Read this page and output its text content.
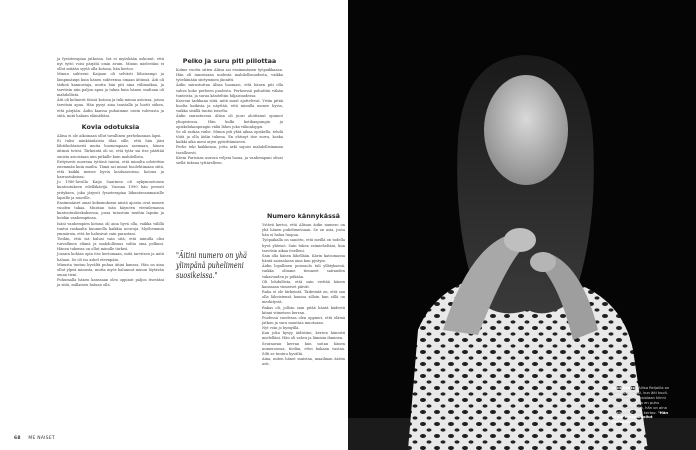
ja fysioterapiaa jatkossa. Isä ei myöskään uskonut, että nyt tyttö voisi pärjätä omin avuin. Minun mielestäni ei ollut mitään syytä olla kotona, hän kertoo.

Minun suhteeni Kaijaan oli selvästi läheisempi ja lämpimämpi kuin hänen suhteensa omaan äitiinsä. Äiti oli tärkeä kannustaja, mutta hän piti aina välimatkaa, ja tarvitsin niin paljon apua ja tukea kuin hänen osaltaan oli mahdollista.

Äiti oli kolmesti töissä kotona ja tuki minua asioissa, joissa tarvitsin apua. Hän pysyi aina taustalla ja luotti siihen, että pärjään. Äidin kanssa puhuimme usein tulevasta ja siitä, mitä haluan elämältäni.

Kovia odotuksia

Aliisa ei ole aikoinaan ollut tavallinen perhekunnan lapsi.

Ei tulisi minkäänlaista tilaa sille, että hän jäisi lähtökohtaisesti muita huonompaan asemaan, hänen äitinsä totesi. Tärkeintä oli se, että tytär sai itse päättää omista asioistaan niin pitkälle kuin mahdollista.

Erityisesti nuorena tyttönä tuntui, että minulta odotettiin enemmän kuin muilta. Tämä sai minut huolehtimaan siitä, että kaikki menee hyvin kouluasioissa, kotona ja harrastuksissa.

Jo 1980-luvulla Kaija Saarinen oli nykymuotoisen kuntoutuksen edelläkävijä. Vuonna 1990 hän perusti yrityksen, joka järjesti fysioterapiaa liikuntavammaisille lapsille ja nuorille.

Ensimmäiset omat kokemukseni niistä ajoista ovat monen vuoden takaa. Muistan isän käyneen vierailemassa kuntoutuskeskuksessa, jossa tutustuin muihin lapsiin ja heidän vanhempiinsa.

Isäni vanhempien kotona oli aina hyvä olla, vaikka välillä tuntui raskaalta kuunnella kaikkia neuvoja. Myöhemmin ymmärsin, että he halusivat vain parastani.

Tiedän, että isä halusi vain sitä, että minulla olisi turvallinen elämä ja mahdollisuus valita oma polkuni. Hänen tukensa on ollut minulle tärkeä.

Jossain kohtaa opin itse kertomaan, mitä tarvitsen ja mitä haluan. Se oli iso askel eteenpäin.

Minusta tuntuu hyvältä puhua äitini kanssa. Hän on aina ollut ylpeä minusta, mutta myös halunnut minun löytävän oman tieni.

Puhumalla hänen kanssaan olen oppinut paljon itsestäni ja siitä, millainen haluan olla.

Pelko ja suru piti piilottaa

Kolme vuotta sitten Aliisa sai ensimmäisen työpaikkansa. Hän oli innoissaan uudesta mahdollisuudesta, vaikka työelämään siirtyminen jännitti.

Äidin sairastuttua Aliisa huomasi, että hänen piti olla vahva koko perheen puolesta. Perheessä puhuttiin vähän tunteista, ja surua käsiteltiin hiljaisuudessa.

Kasvoin tarkkana siitä, mitä muut ajattelevat. Yritin pitää huolta kaikista ja näyttää, että minulla menee hyvin, vaikka sisällä tuntui toiselta.

Äidin sairastuessa Aliisa oli juuri aloittanut opinnot yliopistossa. Hän kulki kotikaupungin ja opiskelukaupungin väliä lähes joka viikonloppu.

Se oli raskas vaihe. Minun piti yhtä aikaa opiskella, tehdä töitä ja olla äidin tukena. En ehtinyt itse surra, koska kaikki aika meni arjen pyörittämiseen.

Perhe teki kaikkensa, jotta arki sujuisi mahdollisimman tavallisesti.

Kävin Parisissa asuvan veljeni luona, ja vanhempani olivat siellä tukena tyttärelleen.

"Äitini numero on yhä ylimpänä puhelimeni suosikeissa."
Numero kännykässä

Ystävä kertoi, että Aliisan äidin numero on yhä hänen puhelimessaan. Se on asia, josta hän ei halua luopua.

Työpaikalla on sanottu, että meillä on todella hyvä yhteisö. Sain tukea esimieheltäni, kun tarvitsin aikaa itselleni.

Sain olla hänen lähellään. Kävin katsomassa häntä sairaalassa aina kun pystyin.

Äidin lopullinen poissaolo tuli yllätyksenä, vaikka olimme tienneet sairauden vakavuuden jo pitkään.

Oli lohdullista, että sain viettää hänen kanssaan viimeiset päivät.

Raha ei ole tärkeintä. Tärkeintä on, että saa olla läheistensä kanssa silloin kun sillä on merkitystä.

Rakas oli, jolloin sain pitää häntä kädestä kiinni viimeisen kerran.

Puolessa vuodessa olen oppinut, että elämä jatkuu ja suru muuttaa muotoaan.

Nyt voin jo hymyillä.

Kun joku kysyy äidistäni, kerron hänestä mielelläni. Hän oli vahva ja lämmin ihminen.

Seuraavan kerran kun soitan hänen numeroonsa, tiedän, ettei kukaan vastaa. Silti se tuntuu hyvältä.

Aina, miten hänet muistaa, maailman ääriin asti.

68 ME NAISET
Joulukuussa Aliisa Reijoilla on ollut kova vuosi, kun äiti kuoli. Aliisa ottaa hiuksistaan kiinni kuvassa. "Vaikka en puhu äidistä päivittäin, hän on aina mielessäni", hän kertoo. "Hän ei ole koskaan ollut kaukana."
